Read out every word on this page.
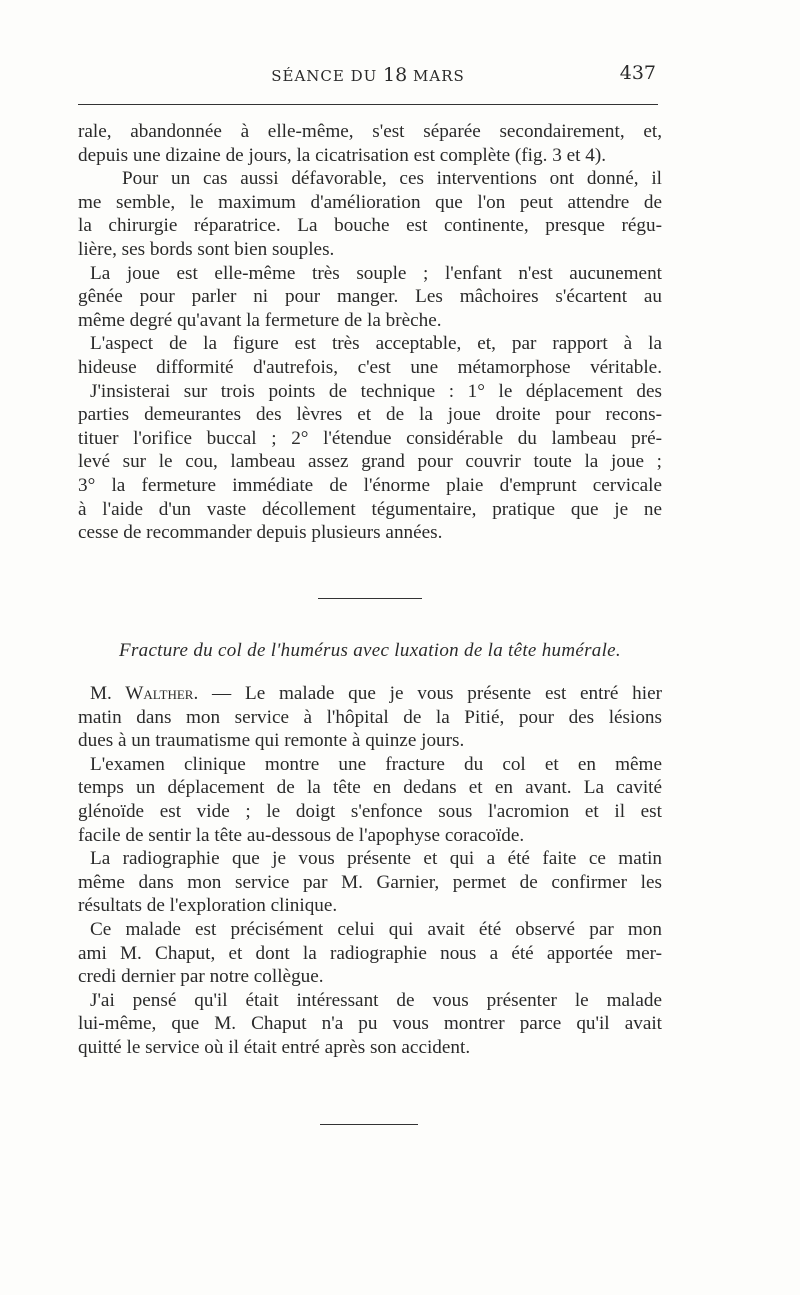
SÉANCE DU 18 MARS	437

rale, abandonnée à elle-même, s'est séparée secondairement, et,
depuis une dizaine de jours, la cicatrisation est complète (fig. 3 et 4).

Pour un cas aussi défavorable, ces interventions ont donné, il
me semble, le maximum d'amélioration que l'on peut attendre de
la chirurgie réparatrice. La bouche est continente, presque régu-
lière, ses bords sont bien souples.

La joue est elle-même très souple ; l'enfant n'est aucunement
gênée pour parler ni pour manger. Les mâchoires s'écartent au
même degré qu'avant la fermeture de la brèche.

L'aspect de la figure est très acceptable, et, par rapport à la
hideuse difformité d'autrefois, c'est une métamorphose véritable.

J'insisterai sur trois points de technique : 1° le déplacement des
parties demeurantes des lèvres et de la joue droite pour recons-
tituer l'orifice buccal ; 2° l'étendue considérable du lambeau pré-
levé sur le cou, lambeau assez grand pour couvrir toute la joue ;
3° la fermeture immédiate de l'énorme plaie d'emprunt cervicale
à l'aide d'un vaste décollement tégumentaire, pratique que je ne
cesse de recommander depuis plusieurs années.

Fracture du col de l'humérus avec luxation de la tête humérale.

M. Walther. — Le malade que je vous présente est entré hier
matin dans mon service à l'hôpital de la Pitié, pour des lésions
dues à un traumatisme qui remonte à quinze jours.

L'examen clinique montre une fracture du col et en même
temps un déplacement de la tête en dedans et en avant. La cavité
glénoïde est vide ; le doigt s'enfonce sous l'acromion et il est
facile de sentir la tête au-dessous de l'apophyse coracoïde.

La radiographie que je vous présente et qui a été faite ce matin
même dans mon service par M. Garnier, permet de confirmer les
résultats de l'exploration clinique.

Ce malade est précisément celui qui avait été observé par mon
ami M. Chaput, et dont la radiographie nous a été apportée mer-
credi dernier par notre collègue.

J'ai pensé qu'il était intéressant de vous présenter le malade
lui-même, que M. Chaput n'a pu vous montrer parce qu'il avait
quitté le service où il était entré après son accident.
